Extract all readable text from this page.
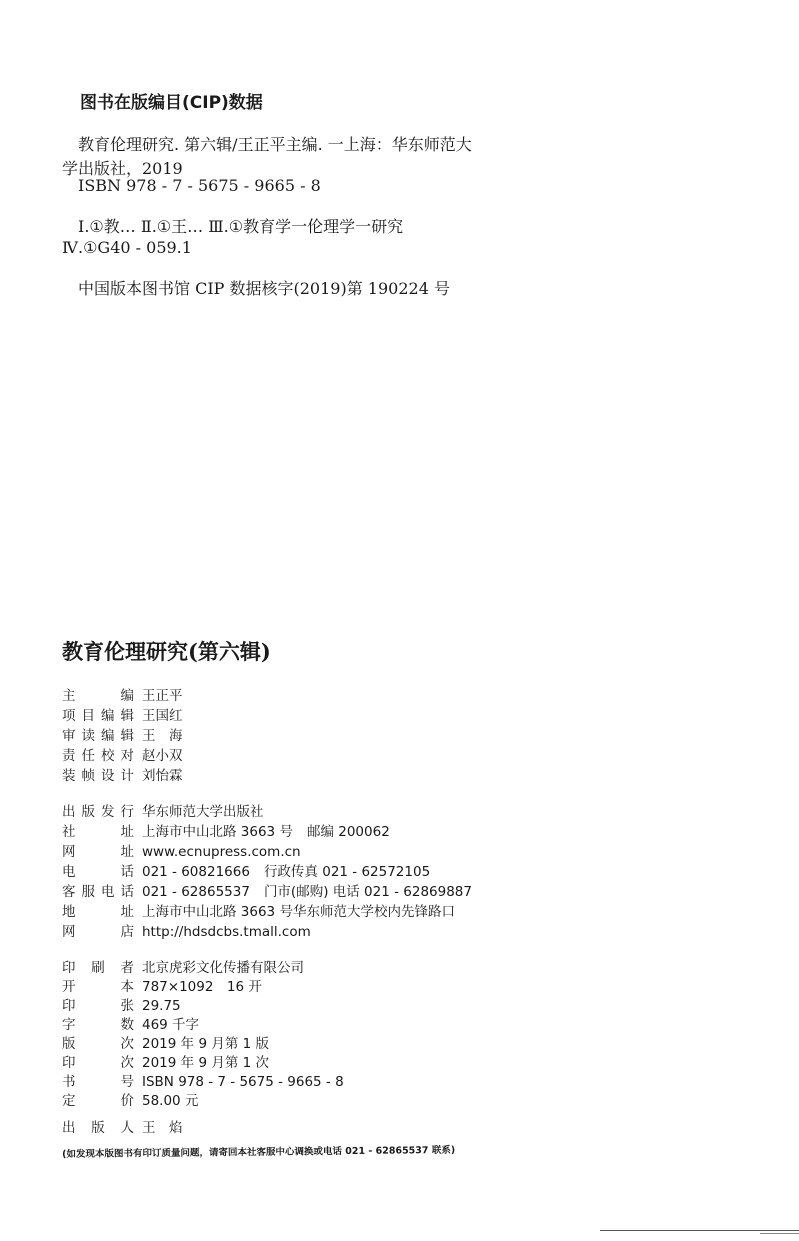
图书在版编目(CIP)数据
教育伦理研究. 第六辑/王正平主编. 一上海：华东师范大
学出版社，2019
ISBN 978 - 7 - 5675 - 9665 - 8
Ⅰ.①教… Ⅱ.①王… Ⅲ.①教育学一伦理学一研究
Ⅳ.①G40 - 059.1
中国版本图书馆 CIP 数据核字(2019)第 190224 号
教育伦理研究(第六辑)
主　　编 王正平
项目编辑 王国红
审读编辑 王　海
责任校对 赵小双
装帧设计 刘怡霖
出版发行 华东师范大学出版社
社　　址 上海市中山北路 3663 号 邮编 200062
网　　址 www.ecnupress.com.cn
电　　话 021 - 60821666 行政传真 021 - 62572105
客服电话 021 - 62865537 门市(邮购) 电话 021 - 62869887
地　　址 上海市中山北路 3663 号华东师范大学校内先锋路口
网　　店 http://hdsdcbs.tmall.com
印 刷 者 北京虎彩文化传播有限公司
开　　本 787×1092　16 开
印　　张 29.75
字　　数 469 千字
版　　次 2019 年 9 月第 1 版
印　　次 2019 年 9 月第 1 次
书　　号 ISBN 978 - 7 - 5675 - 9665 - 8
定　　价 58.00 元
出 版 人 王　焰
(如发现本版图书有印订质量问题，请寄回本社客服中心调换或电话 021 - 62865537 联系)
